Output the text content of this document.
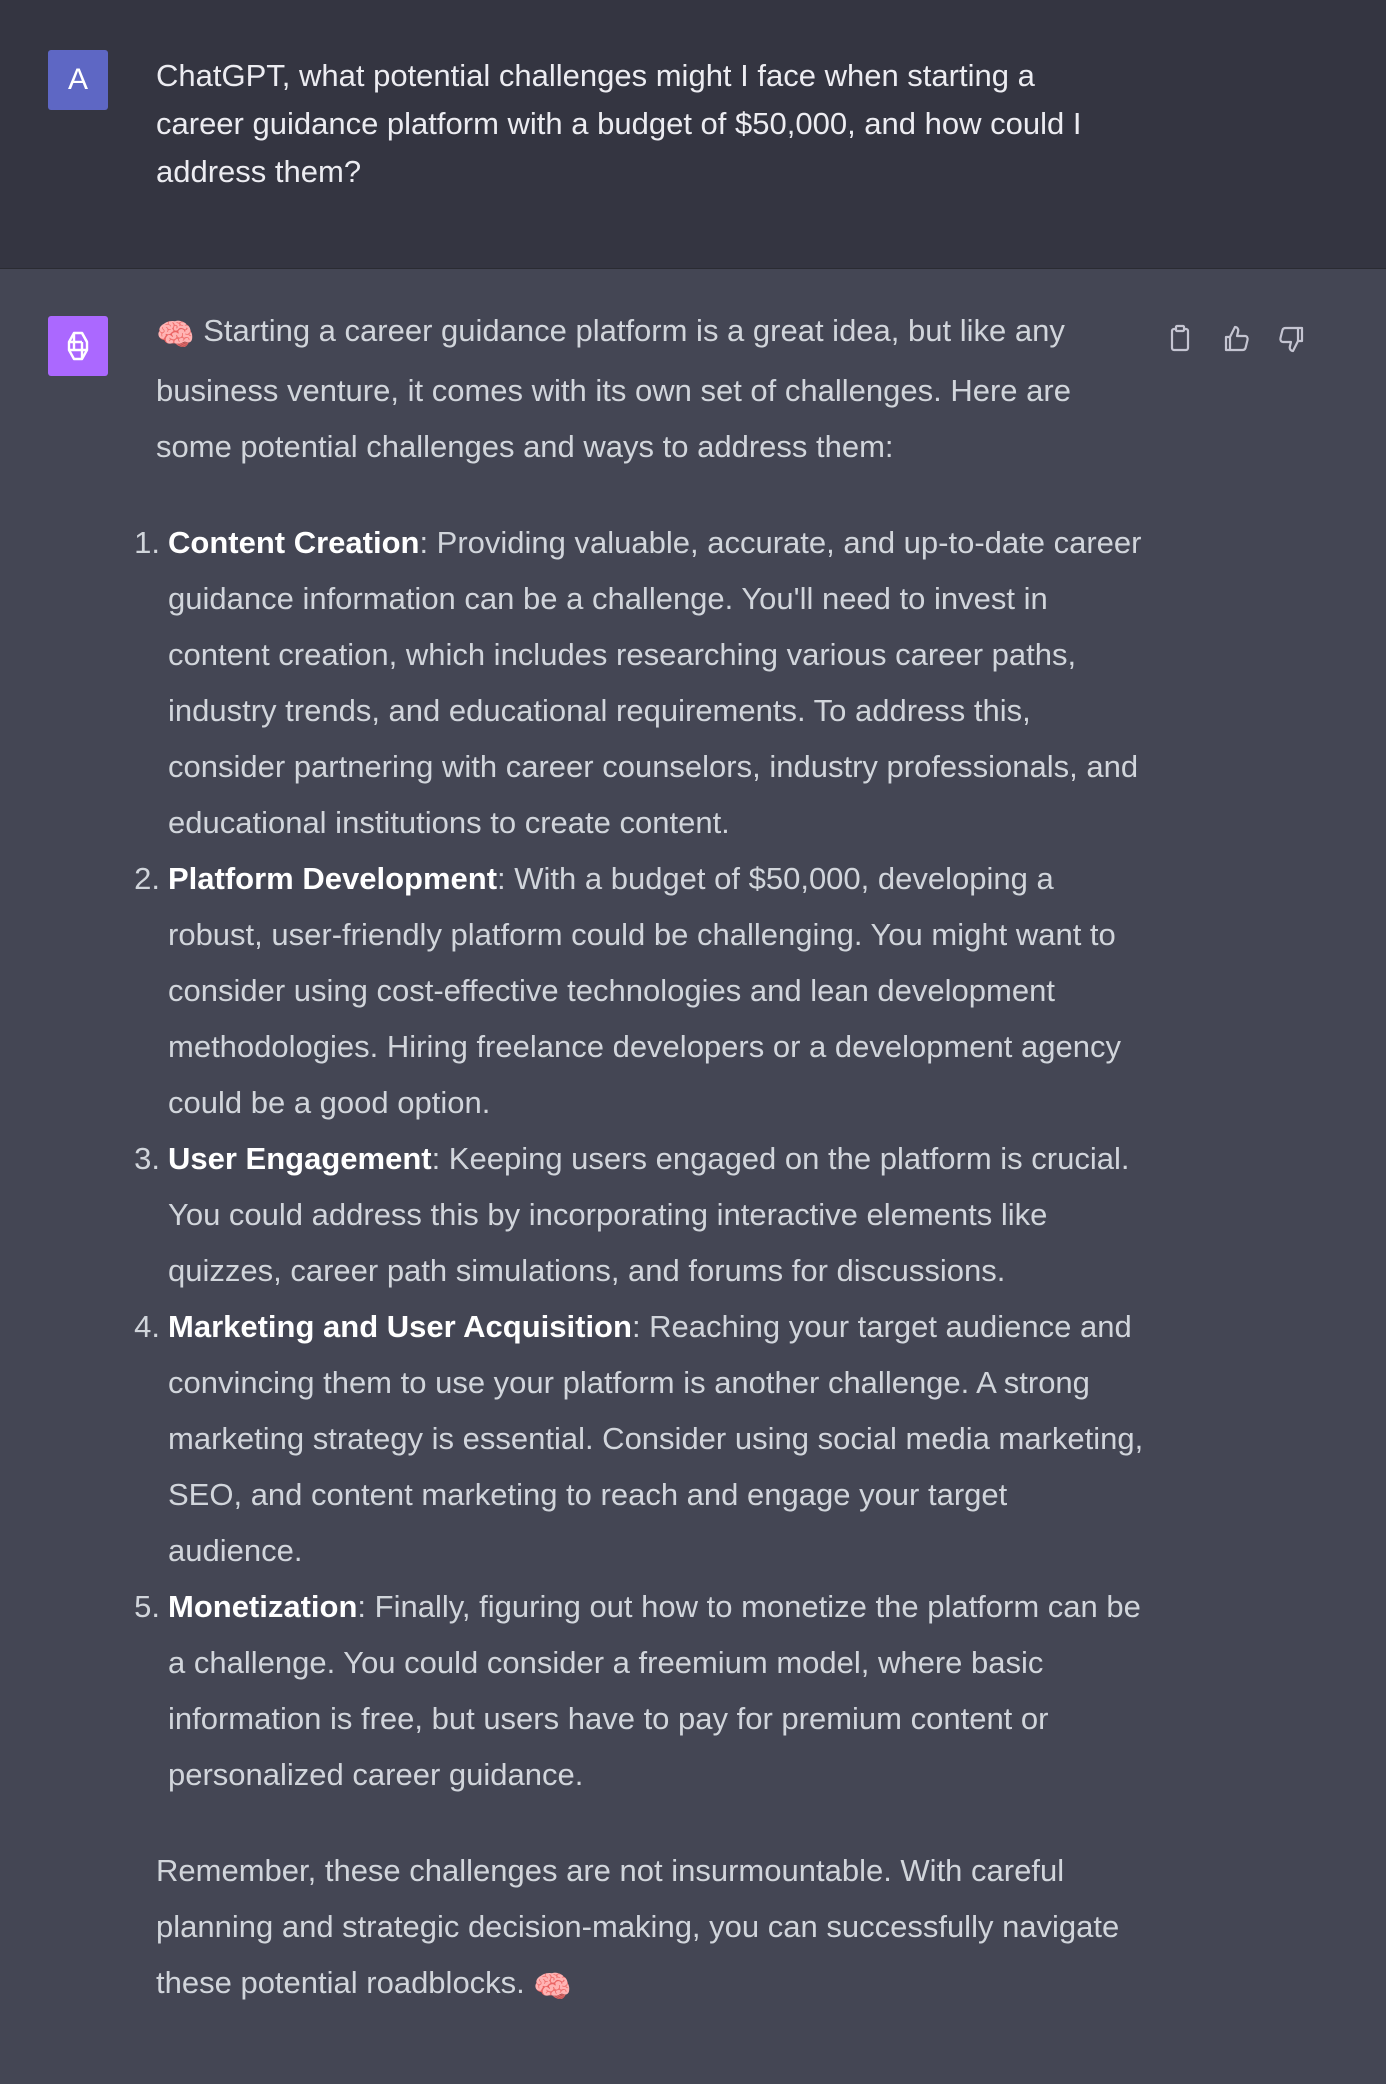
A	ChatGPT, what potential challenges might I face when starting a career guidance platform with a budget of $50,000, and how could I address them?

🧠 Starting a career guidance platform is a great idea, but like any business venture, it comes with its own set of challenges. Here are some potential challenges and ways to address them:

1. Content Creation: Providing valuable, accurate, and up-to-date career guidance information can be a challenge. You'll need to invest in content creation, which includes researching various career paths, industry trends, and educational requirements. To address this, consider partnering with career counselors, industry professionals, and educational institutions to create content.
2. Platform Development: With a budget of $50,000, developing a robust, user-friendly platform could be challenging. You might want to consider using cost-effective technologies and lean development methodologies. Hiring freelance developers or a development agency could be a good option.
3. User Engagement: Keeping users engaged on the platform is crucial. You could address this by incorporating interactive elements like quizzes, career path simulations, and forums for discussions.
4. Marketing and User Acquisition: Reaching your target audience and convincing them to use your platform is another challenge. A strong marketing strategy is essential. Consider using social media marketing, SEO, and content marketing to reach and engage your target audience.
5. Monetization: Finally, figuring out how to monetize the platform can be a challenge. You could consider a freemium model, where basic information is free, but users have to pay for premium content or personalized career guidance.

Remember, these challenges are not insurmountable. With careful planning and strategic decision-making, you can successfully navigate these potential roadblocks. 🧠
